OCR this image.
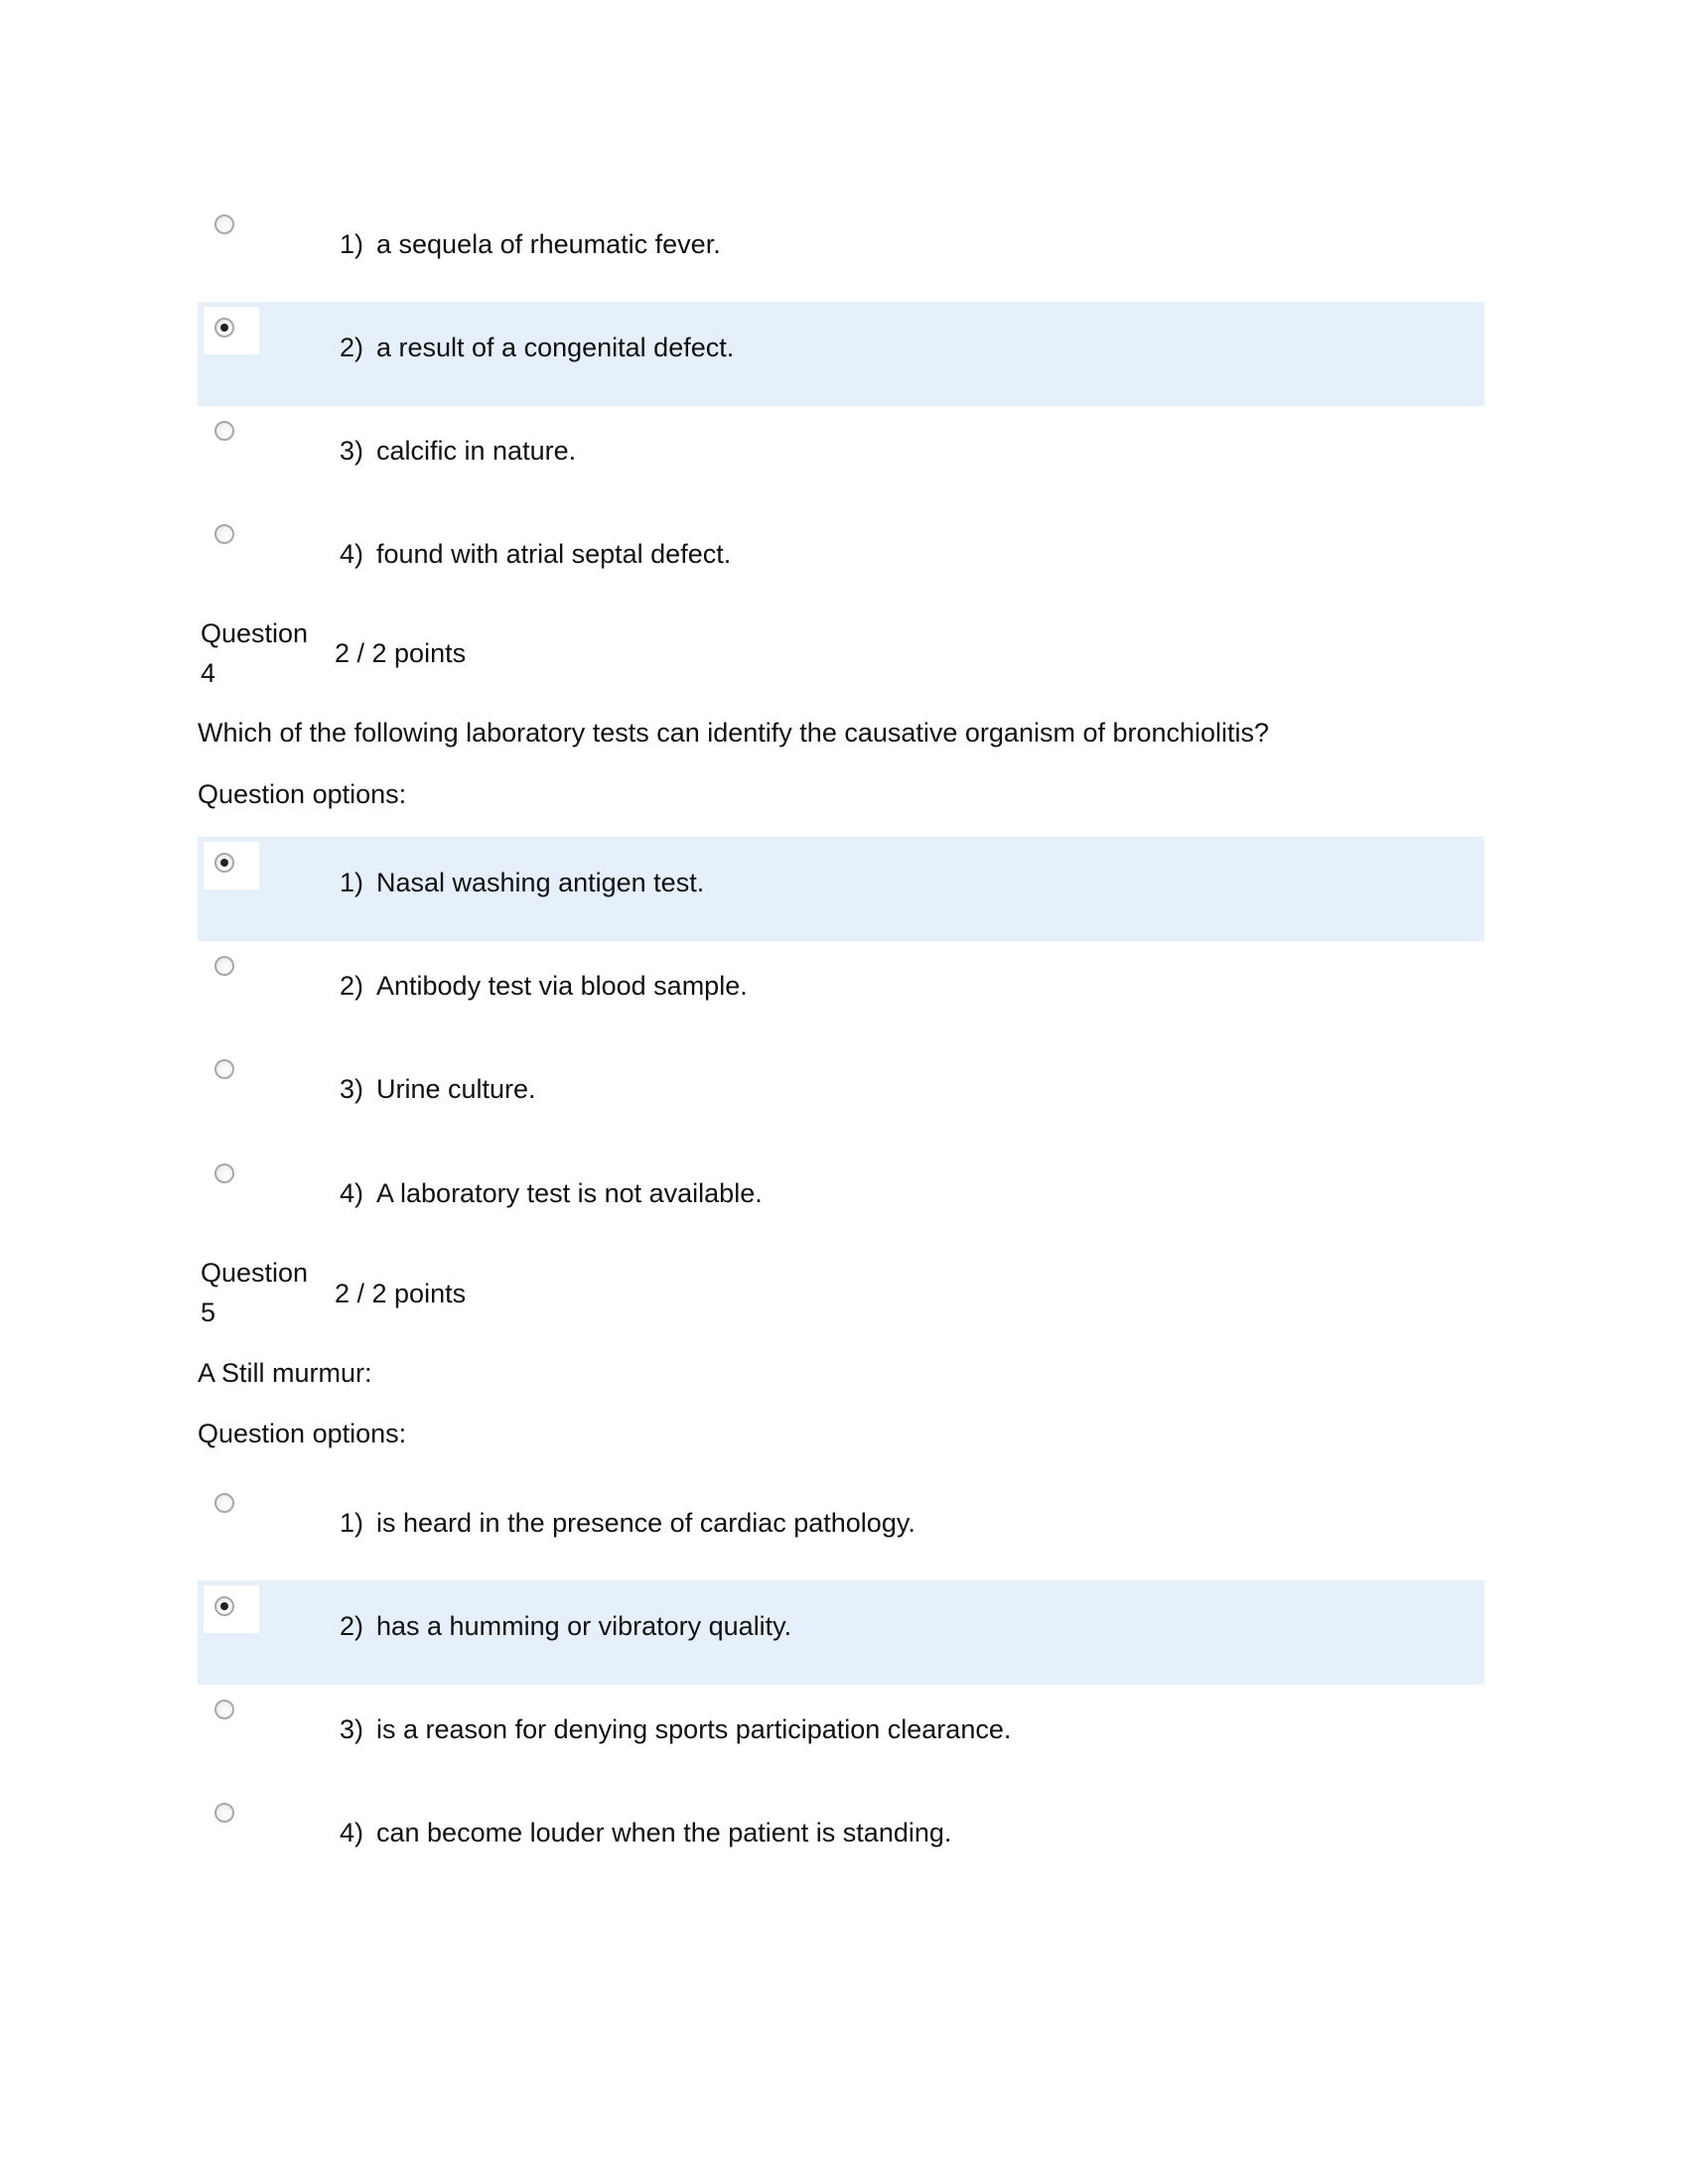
1) a sequela of rheumatic fever.
2) a result of a congenital defect.
3) calcific in nature.
4) found with atrial septal defect.
Question
4
2 / 2 points
Which of the following laboratory tests can identify the causative organism of bronchiolitis?
Question options:
1) Nasal washing antigen test.
2) Antibody test via blood sample.
3) Urine culture.
4) A laboratory test is not available.
Question
5
2 / 2 points
A Still murmur:
Question options:
1) is heard in the presence of cardiac pathology.
2) has a humming or vibratory quality.
3) is a reason for denying sports participation clearance.
4) can become louder when the patient is standing.
